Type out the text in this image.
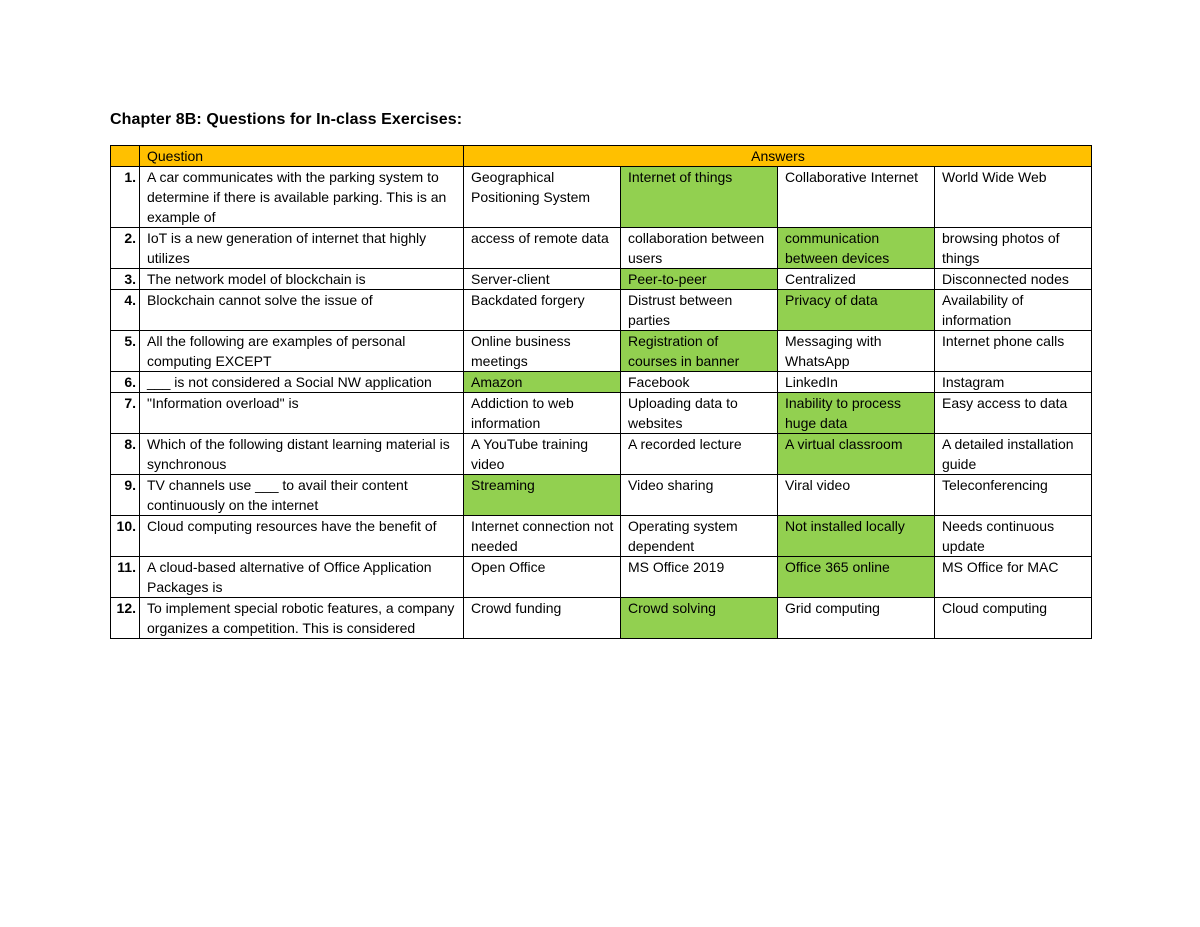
Chapter 8B: Questions for In-class Exercises:
	Question	Answers			
1.	A car communicates with the parking system to determine if there is available parking. This is an example of	Geographical Positioning System	Internet of things	Collaborative Internet	World Wide Web
2.	IoT is a new generation of internet that highly utilizes	access of remote data	collaboration between users	communication between devices	browsing photos of things
3.	The network model of blockchain is	Server-client	Peer-to-peer	Centralized	Disconnected nodes
4.	Blockchain cannot solve the issue of	Backdated forgery	Distrust between parties	Privacy of data	Availability of information
5.	All the following are examples of personal computing EXCEPT	Online business meetings	Registration of courses in banner	Messaging with WhatsApp	Internet phone calls
6.	___ is not considered a Social NW application	Amazon	Facebook	LinkedIn	Instagram
7.	"Information overload" is	Addiction to web information	Uploading data to websites	Inability to process huge data	Easy access to data
8.	Which of the following distant learning material is synchronous	A YouTube training video	A recorded lecture	A virtual classroom	A detailed installation guide
9.	TV channels use ___ to avail their content continuously on the internet	Streaming	Video sharing	Viral video	Teleconferencing
10.	Cloud computing resources have the benefit of	Internet connection not needed	Operating system dependent	Not installed locally	Needs continuous update
11.	A cloud-based alternative of Office Application Packages is	Open Office	MS Office 2019	Office 365 online	MS Office for MAC
12.	To implement special robotic features, a company organizes a competition. This is considered	Crowd funding	Crowd solving	Grid computing	Cloud computing
